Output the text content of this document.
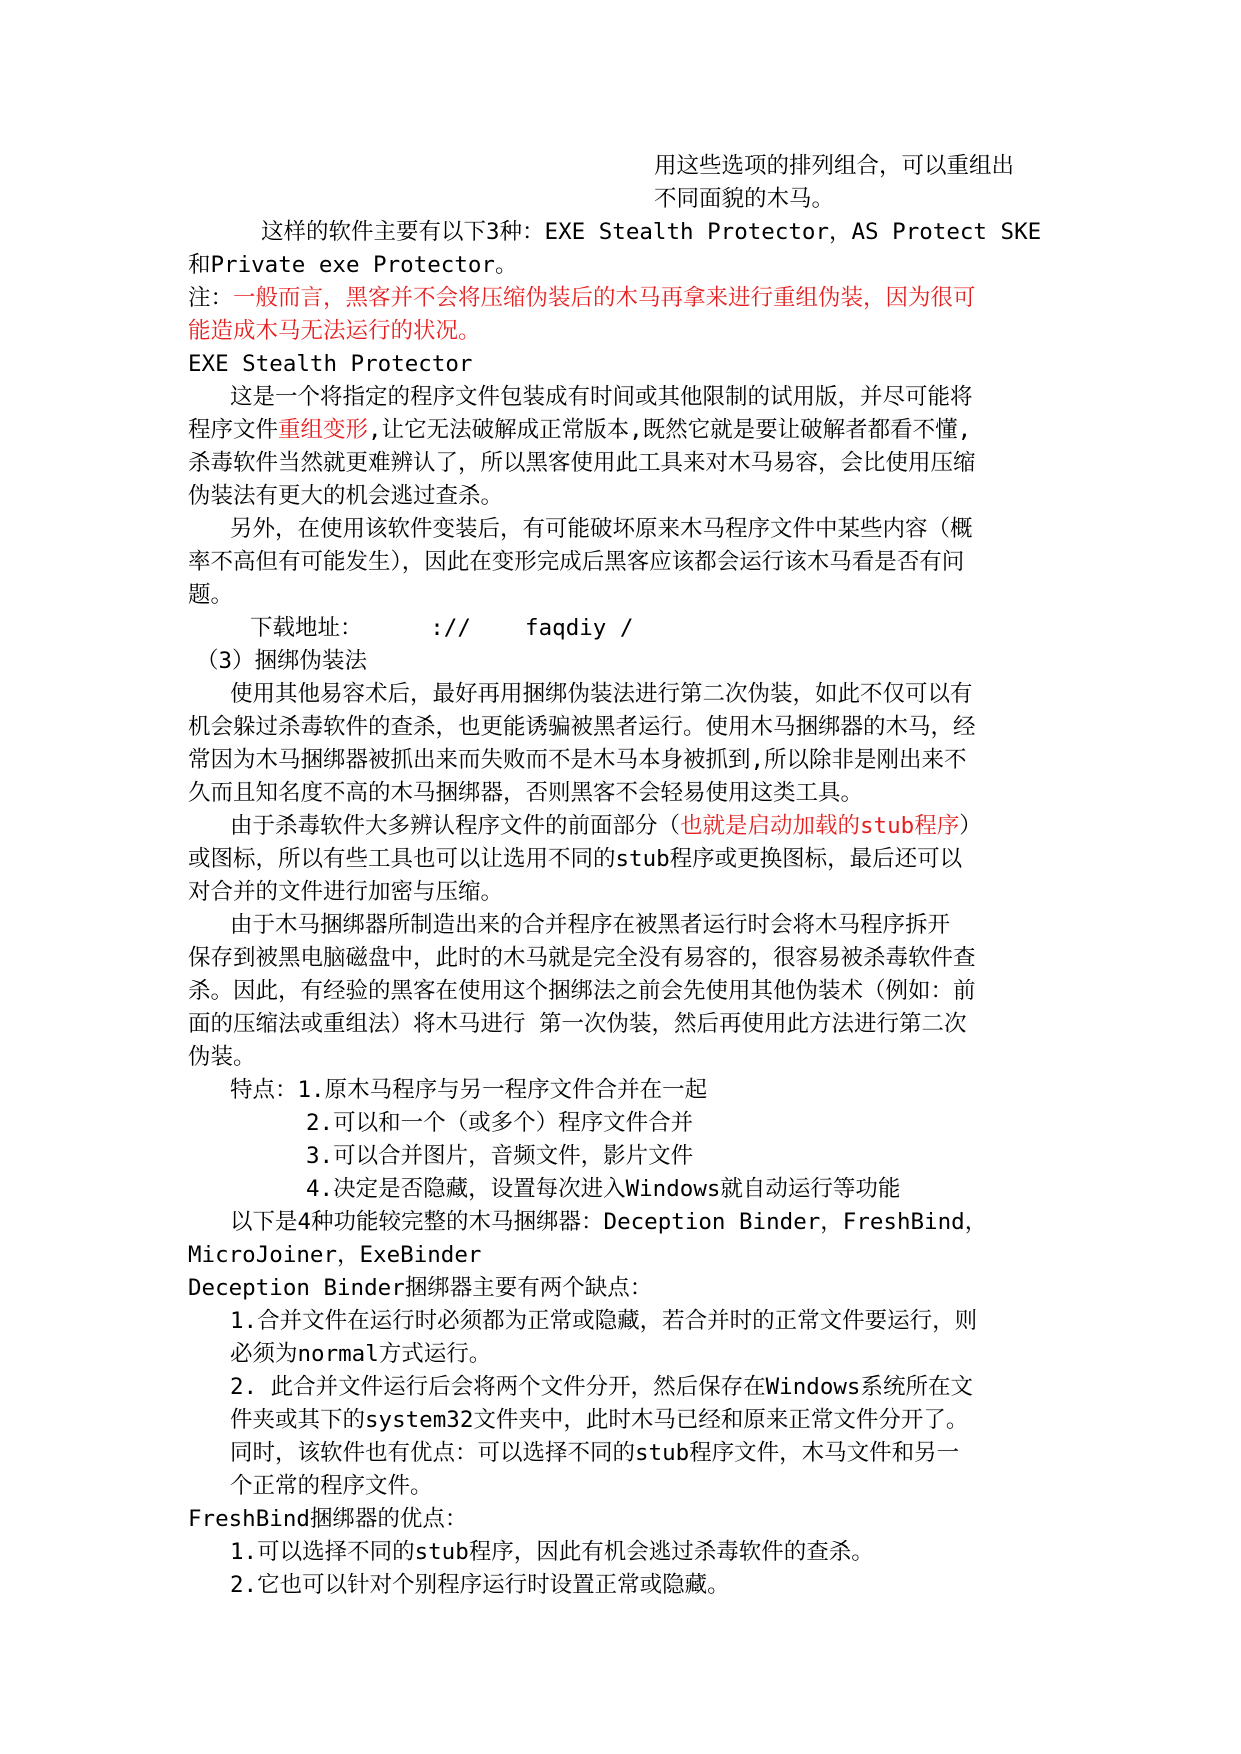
用这些选项的排列组合，可以重组出
不同面貌的木马。
这样的软件主要有以下3种：EXE Stealth Protector，AS Protect SKE
和Private exe Protector。
注：一般而言，黑客并不会将压缩伪装后的木马再拿来进行重组伪装，因为很可
能造成木马无法运行的状况。
EXE Stealth Protector
这是一个将指定的程序文件包装成有时间或其他限制的试用版，并尽可能将
程序文件重组变形,让它无法破解成正常版本,既然它就是要让破解者都看不懂,
杀毒软件当然就更难辨认了，所以黑客使用此工具来对木马易容，会比使用压缩
伪装法有更大的机会逃过查杀。
另外，在使用该软件变装后，有可能破坏原来木马程序文件中某些内容（概
率不高但有可能发生），因此在变形完成后黑客应该都会运行该木马看是否有问
题。
下载地址：     ://    faqdiy /
（3）捆绑伪装法
使用其他易容术后，最好再用捆绑伪装法进行第二次伪装，如此不仅可以有
机会躲过杀毒软件的查杀，也更能诱骗被黑者运行。使用木马捆绑器的木马，经
常因为木马捆绑器被抓出来而失败而不是木马本身被抓到,所以除非是刚出来不
久而且知名度不高的木马捆绑器，否则黑客不会轻易使用这类工具。
由于杀毒软件大多辨认程序文件的前面部分（也就是启动加载的stub程序）
或图标，所以有些工具也可以让选用不同的stub程序或更换图标，最后还可以
对合并的文件进行加密与压缩。
由于木马捆绑器所制造出来的合并程序在被黑者运行时会将木马程序拆开
保存到被黑电脑磁盘中，此时的木马就是完全没有易容的，很容易被杀毒软件查
杀。因此，有经验的黑客在使用这个捆绑法之前会先使用其他伪装术（例如：前
面的压缩法或重组法）将木马进行 第一次伪装，然后再使用此方法进行第二次
伪装。
特点：1.原木马程序与另一程序文件合并在一起
2.可以和一个（或多个）程序文件合并
3.可以合并图片，音频文件，影片文件
4.决定是否隐藏，设置每次进入Windows就自动运行等功能
以下是4种功能较完整的木马捆绑器：Deception Binder，FreshBind，
MicroJoiner，ExeBinder
Deception Binder捆绑器主要有两个缺点：
1.合并文件在运行时必须都为正常或隐藏，若合并时的正常文件要运行，则
必须为normal方式运行。
2. 此合并文件运行后会将两个文件分开，然后保存在Windows系统所在文
件夹或其下的system32文件夹中，此时木马已经和原来正常文件分开了。
同时，该软件也有优点：可以选择不同的stub程序文件，木马文件和另一
个正常的程序文件。
FreshBind捆绑器的优点：
1.可以选择不同的stub程序，因此有机会逃过杀毒软件的查杀。
2.它也可以针对个别程序运行时设置正常或隐藏。
